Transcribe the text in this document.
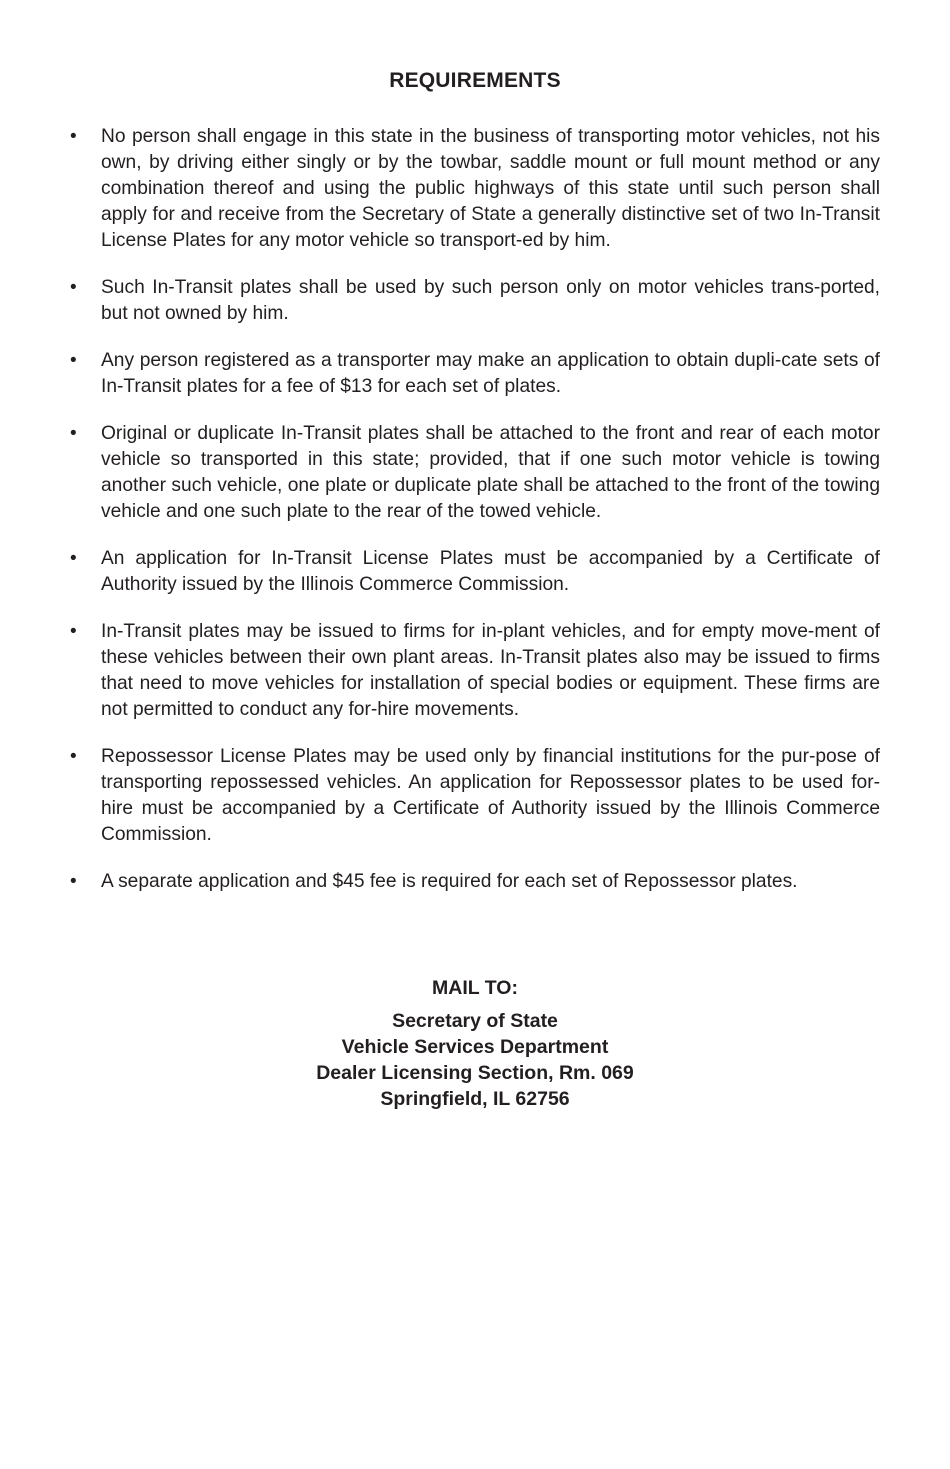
REQUIREMENTS
• No person shall engage in this state in the business of transporting motor vehicles, not his own, by driving either singly or by the towbar, saddle mount or full mount method or any combination thereof and using the public highways of this state until such person shall apply for and receive from the Secretary of State a generally distinctive set of two In-Transit License Plates for any motor vehicle so transport-ed by him.
• Such In-Transit plates shall be used by such person only on motor vehicles trans-ported, but not owned by him.
• Any person registered as a transporter may make an application to obtain dupli-cate sets of In-Transit plates for a fee of $13 for each set of plates.
• Original or duplicate In-Transit plates shall be attached to the front and rear of each motor vehicle so transported in this state; provided, that if one such motor vehicle is towing another such vehicle, one plate or duplicate plate shall be attached to the front of the towing vehicle and one such plate to the rear of the towed vehicle.
• An application for In-Transit License Plates must be accompanied by a Certificate of Authority issued by the Illinois Commerce Commission.
• In-Transit plates may be issued to firms for in-plant vehicles, and for empty move-ment of these vehicles between their own plant areas. In-Transit plates also may be issued to firms that need to move vehicles for installation of special bodies or equipment. These firms are not permitted to conduct any for-hire movements.
• Repossessor License Plates may be used only by financial institutions for the pur-pose of transporting repossessed vehicles. An application for Repossessor plates to be used for-hire must be accompanied by a Certificate of Authority issued by the Illinois Commerce Commission.
• A separate application and $45 fee is required for each set of Repossessor plates.
MAIL TO:
Secretary of State
Vehicle Services Department
Dealer Licensing Section, Rm. 069
Springfield, IL 62756
